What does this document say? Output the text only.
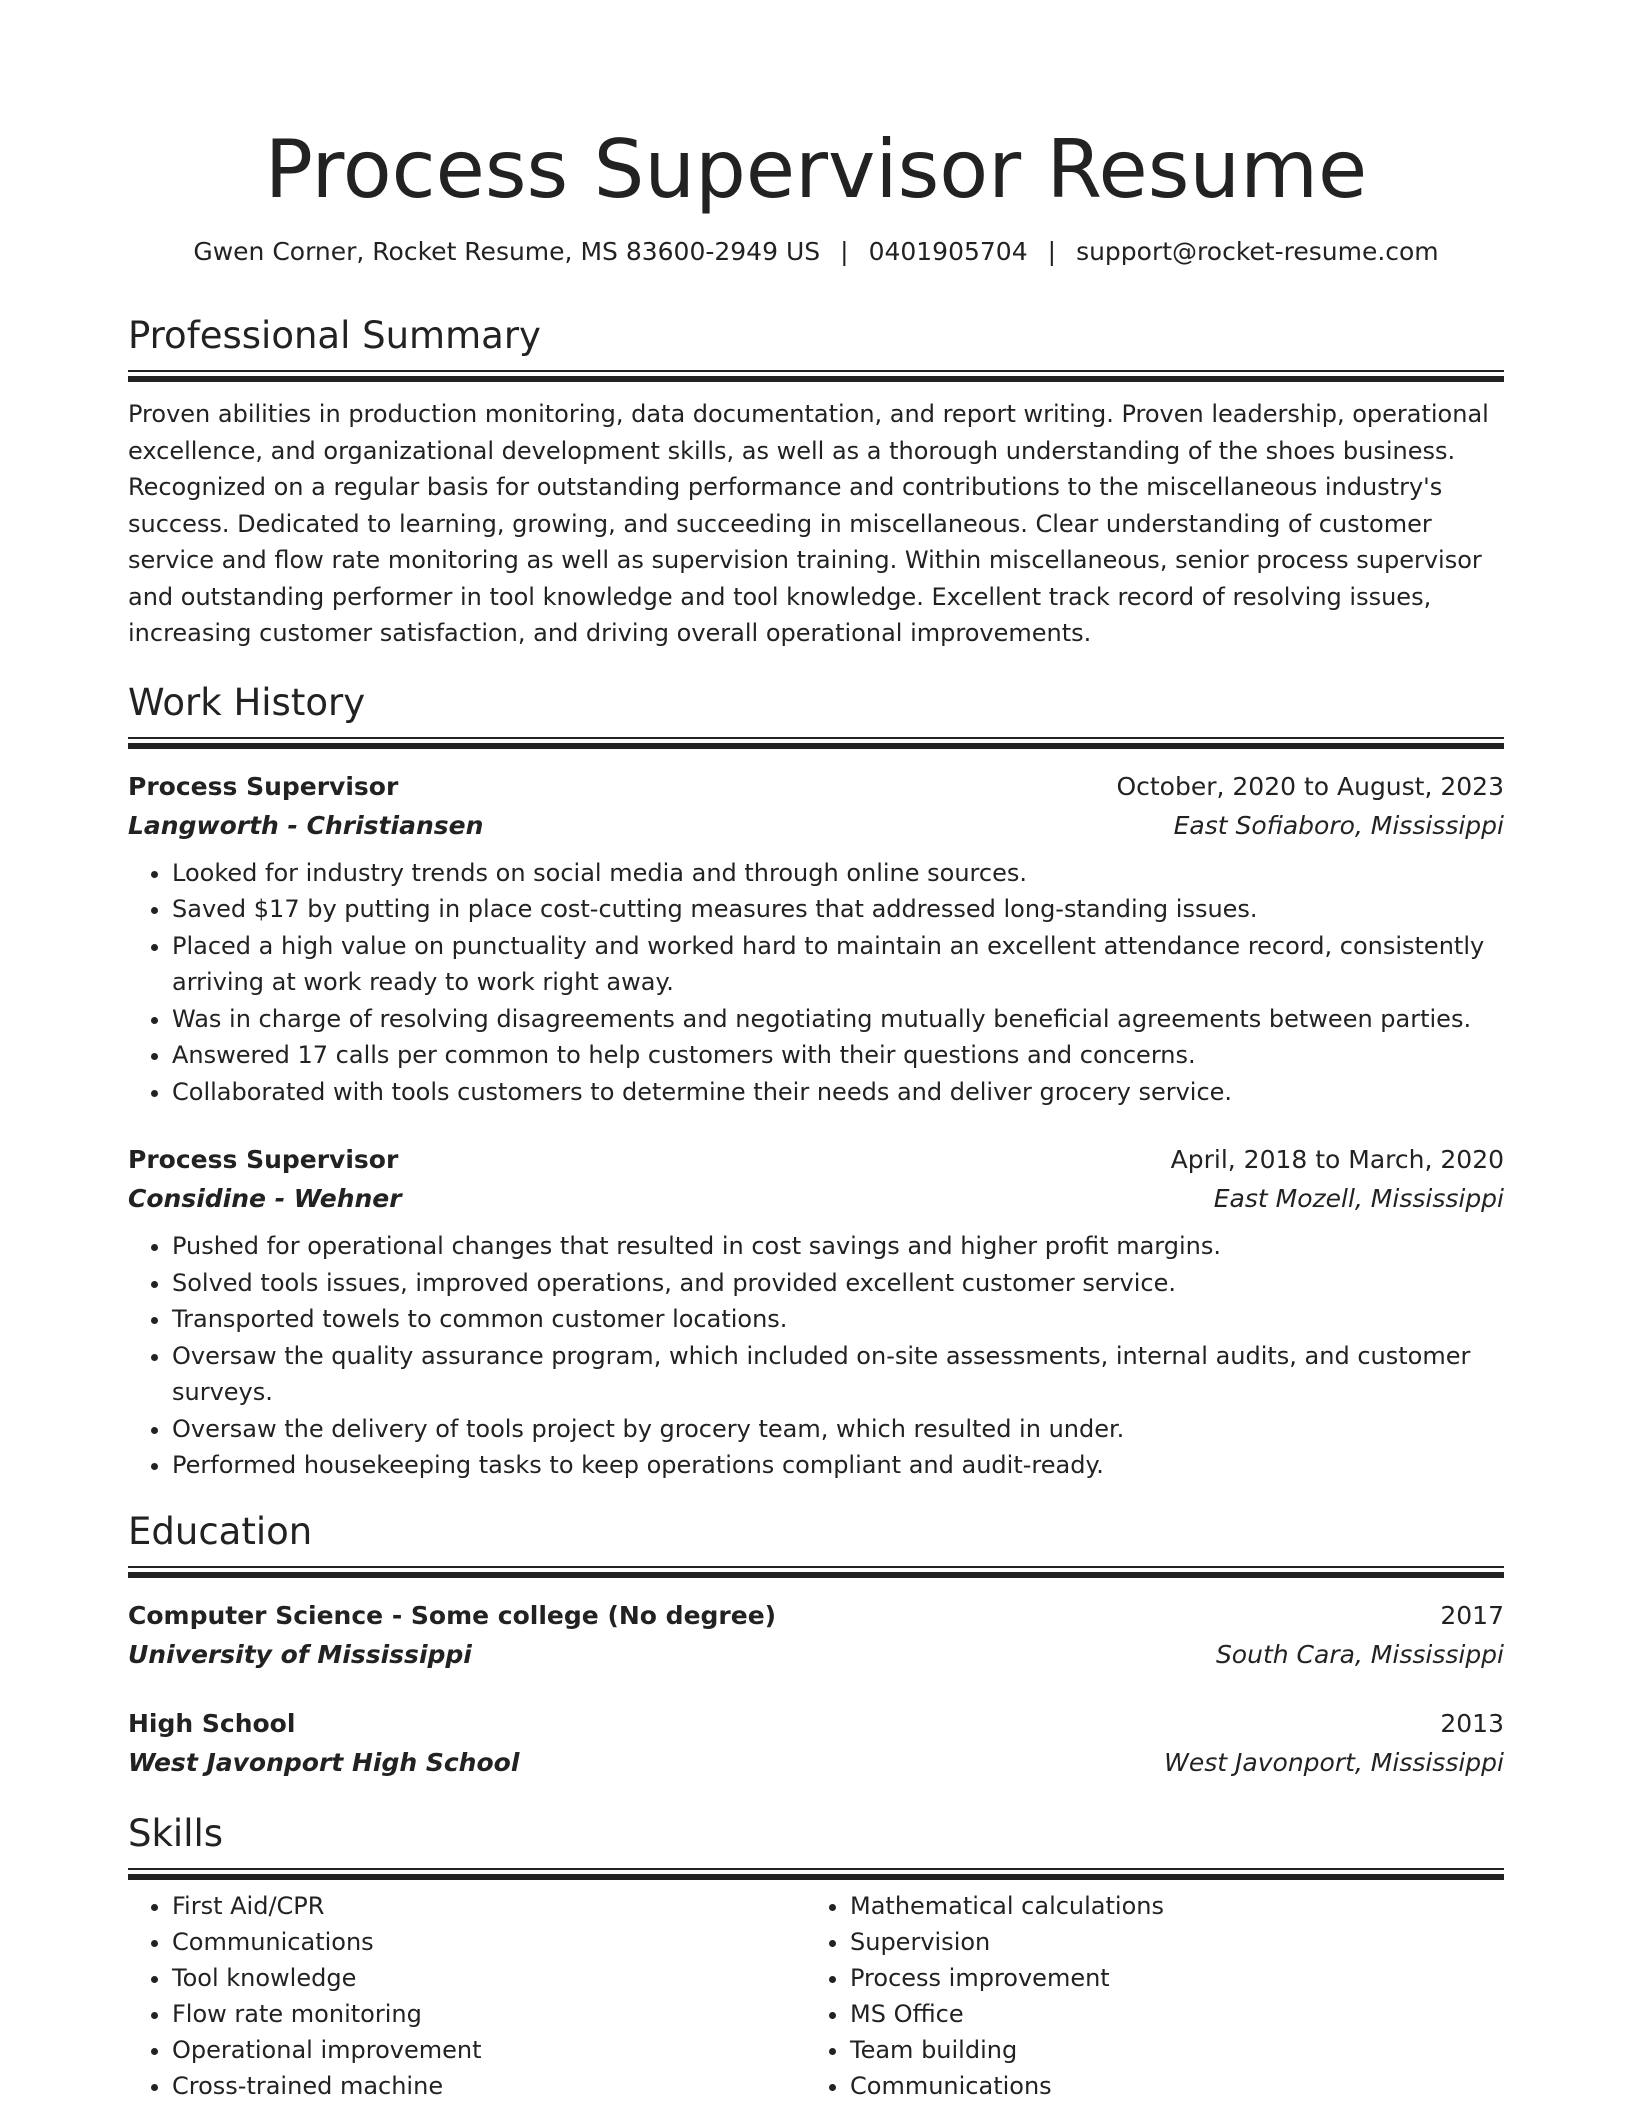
Process Supervisor Resume
Gwen Corner, Rocket Resume, MS 83600-2949 US | 0401905704 | support@rocket-resume.com
Professional Summary
Proven abilities in production monitoring, data documentation, and report writing. Proven leadership, operational excellence, and organizational development skills, as well as a thorough understanding of the shoes business. Recognized on a regular basis for outstanding performance and contributions to the miscellaneous industry's success. Dedicated to learning, growing, and succeeding in miscellaneous. Clear understanding of customer service and flow rate monitoring as well as supervision training. Within miscellaneous, senior process supervisor and outstanding performer in tool knowledge and tool knowledge. Excellent track record of resolving issues, increasing customer satisfaction, and driving overall operational improvements.
Work History
Process Supervisor	October, 2020 to August, 2023
Langworth - Christiansen	East Sofiaboro, Mississippi
• Looked for industry trends on social media and through online sources.
• Saved $17 by putting in place cost-cutting measures that addressed long-standing issues.
• Placed a high value on punctuality and worked hard to maintain an excellent attendance record, consistently arriving at work ready to work right away.
• Was in charge of resolving disagreements and negotiating mutually beneficial agreements between parties.
• Answered 17 calls per common to help customers with their questions and concerns.
• Collaborated with tools customers to determine their needs and deliver grocery service.
Process Supervisor	April, 2018 to March, 2020
Considine - Wehner	East Mozell, Mississippi
• Pushed for operational changes that resulted in cost savings and higher profit margins.
• Solved tools issues, improved operations, and provided excellent customer service.
• Transported towels to common customer locations.
• Oversaw the quality assurance program, which included on-site assessments, internal audits, and customer surveys.
• Oversaw the delivery of tools project by grocery team, which resulted in under.
• Performed housekeeping tasks to keep operations compliant and audit-ready.
Education
Computer Science - Some college (No degree)	2017
University of Mississippi	South Cara, Mississippi
High School	2013
West Javonport High School	West Javonport, Mississippi
Skills
• First Aid/CPR
• Communications
• Tool knowledge
• Flow rate monitoring
• Operational improvement
• Cross-trained machine
• Mathematical calculations
• Supervision
• Process improvement
• MS Office
• Team building
• Communications
